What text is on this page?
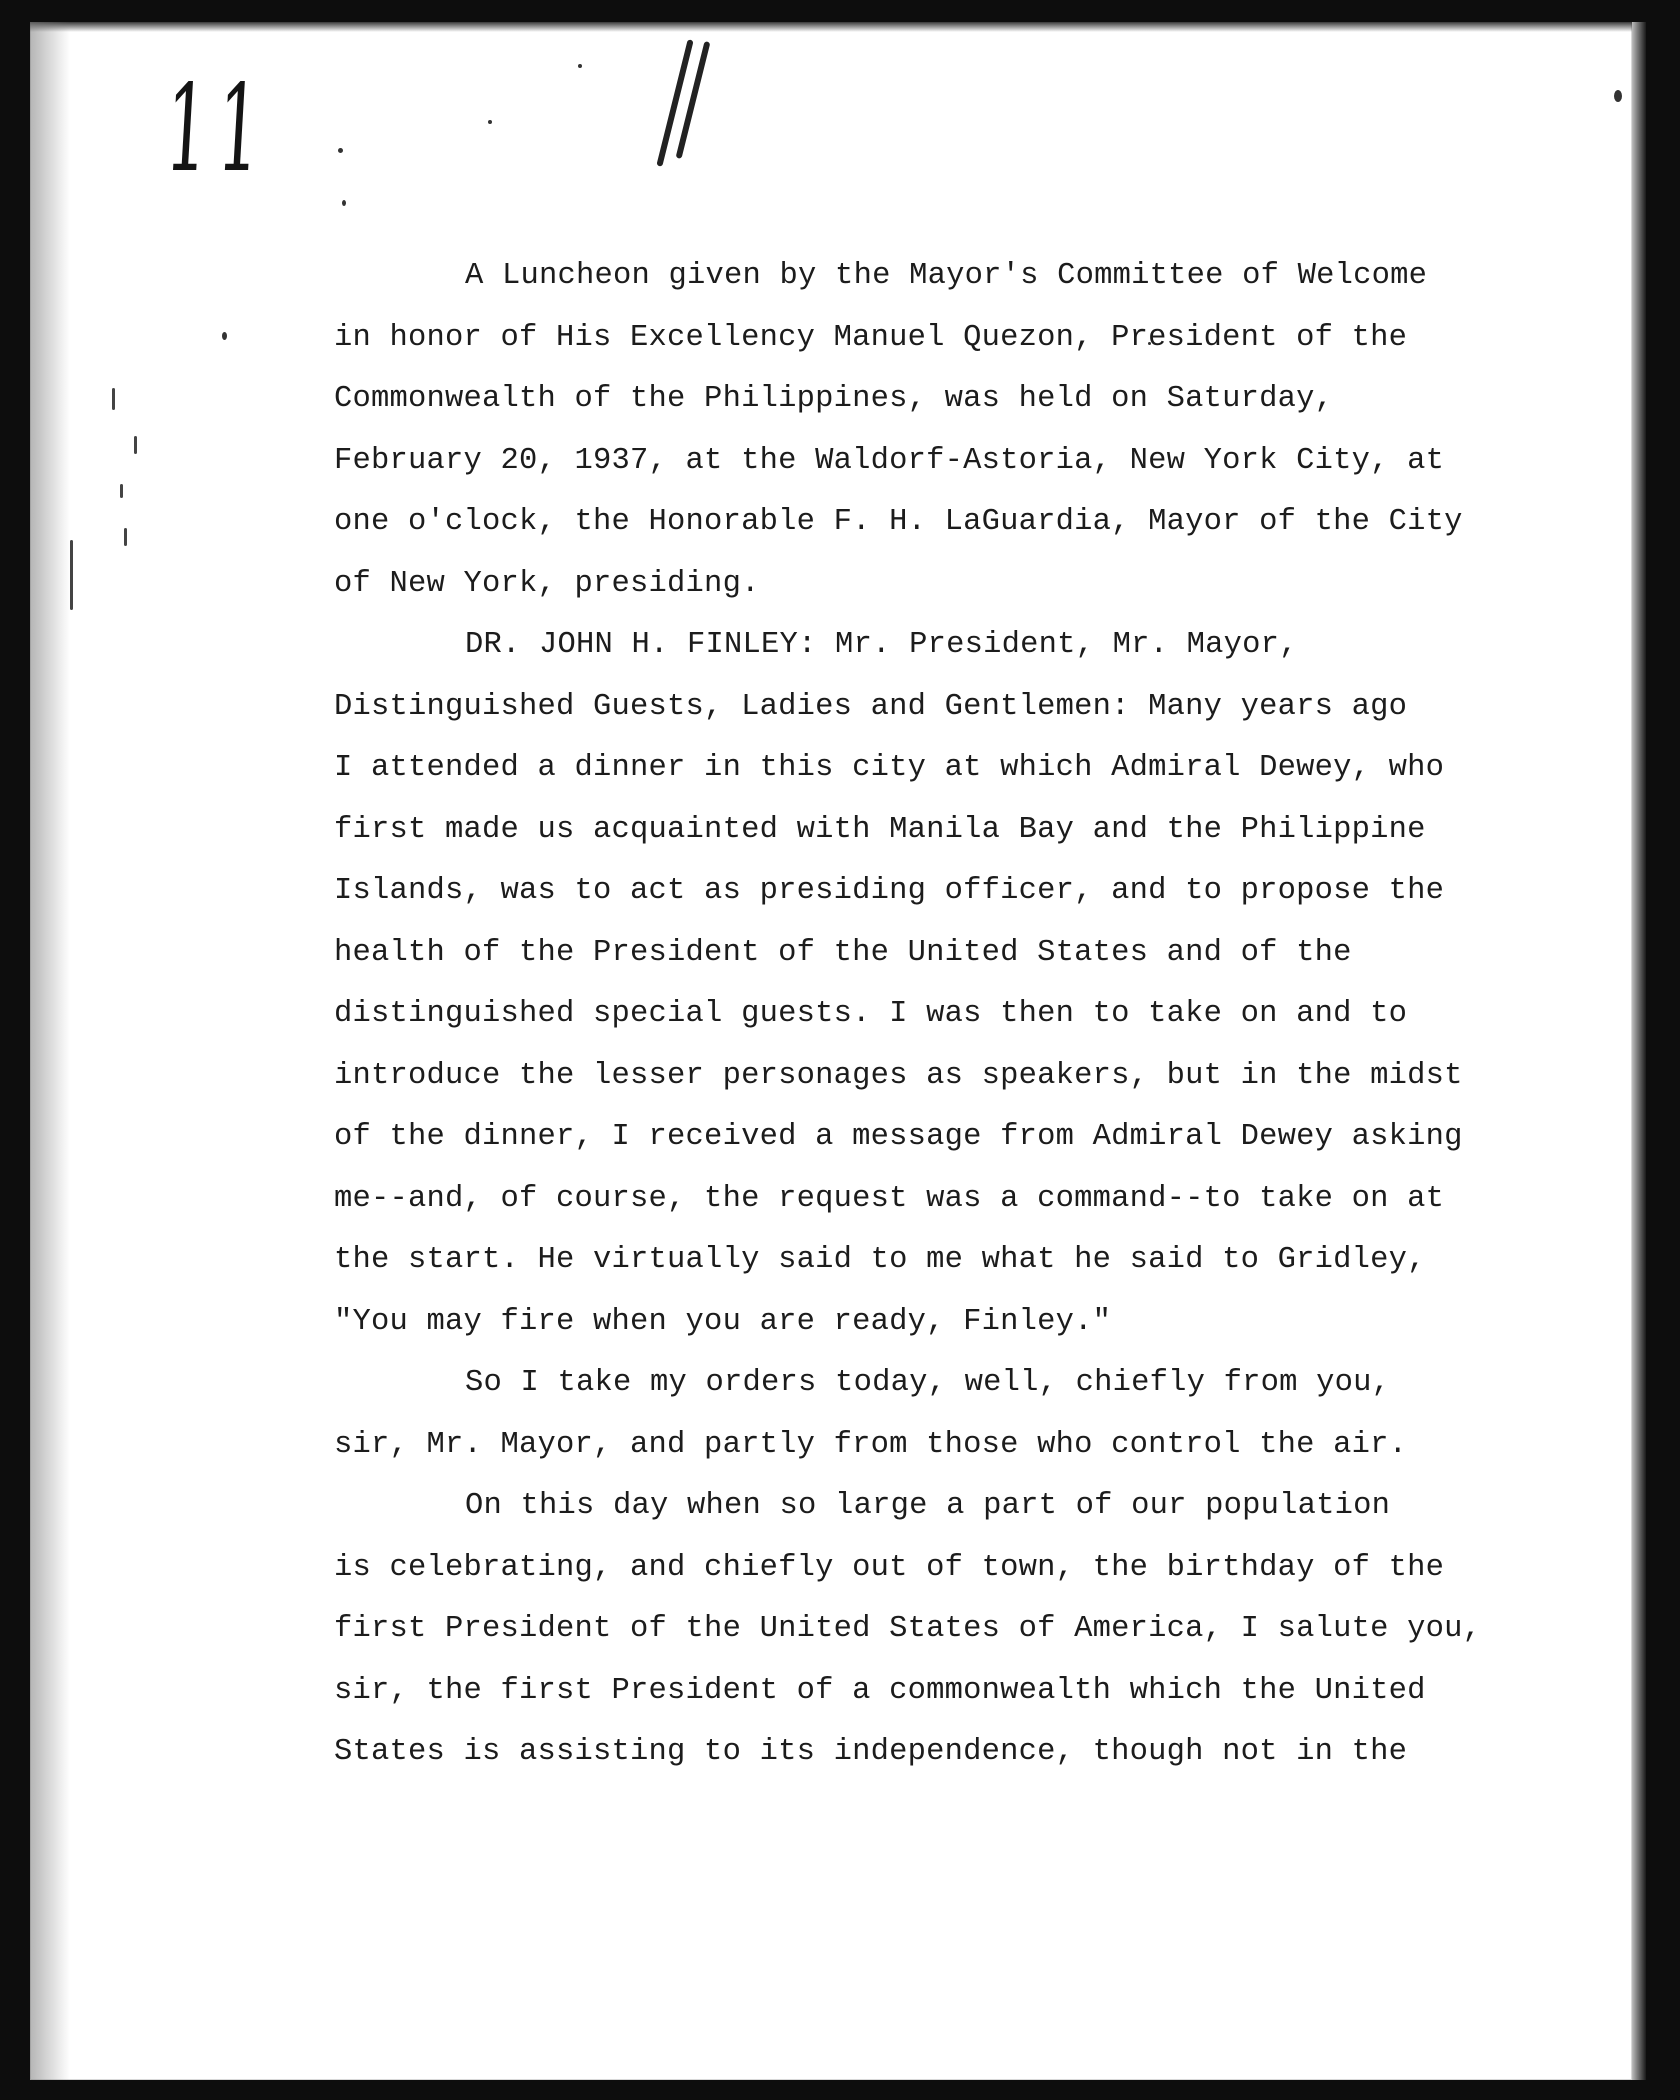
11

A Luncheon given by the Mayor's Committee of Welcome

in honor of His Excellency Manuel Quezon, President of the

Commonwealth of the Philippines, was held on Saturday,

February 20, 1937, at the Waldorf-Astoria, New York City, at

one o'clock, the Honorable F. H. LaGuardia, Mayor of the City

of New York, presiding.

DR. JOHN H. FINLEY: Mr. President, Mr. Mayor,

Distinguished Guests, Ladies and Gentlemen: Many years ago

I attended a dinner in this city at which Admiral Dewey, who

first made us acquainted with Manila Bay and the Philippine

Islands, was to act as presiding officer, and to propose the

health of the President of the United States and of the

distinguished special guests. I was then to take on and to

introduce the lesser personages as speakers, but in the midst

of the dinner, I received a message from Admiral Dewey asking

me--and, of course, the request was a command--to take on at

the start. He virtually said to me what he said to Gridley,

"You may fire when you are ready, Finley."

So I take my orders today, well, chiefly from you,

sir, Mr. Mayor, and partly from those who control the air.

On this day when so large a part of our population

is celebrating, and chiefly out of town, the birthday of the

first President of the United States of America, I salute you,

sir, the first President of a commonwealth which the United

States is assisting to its independence, though not in the
